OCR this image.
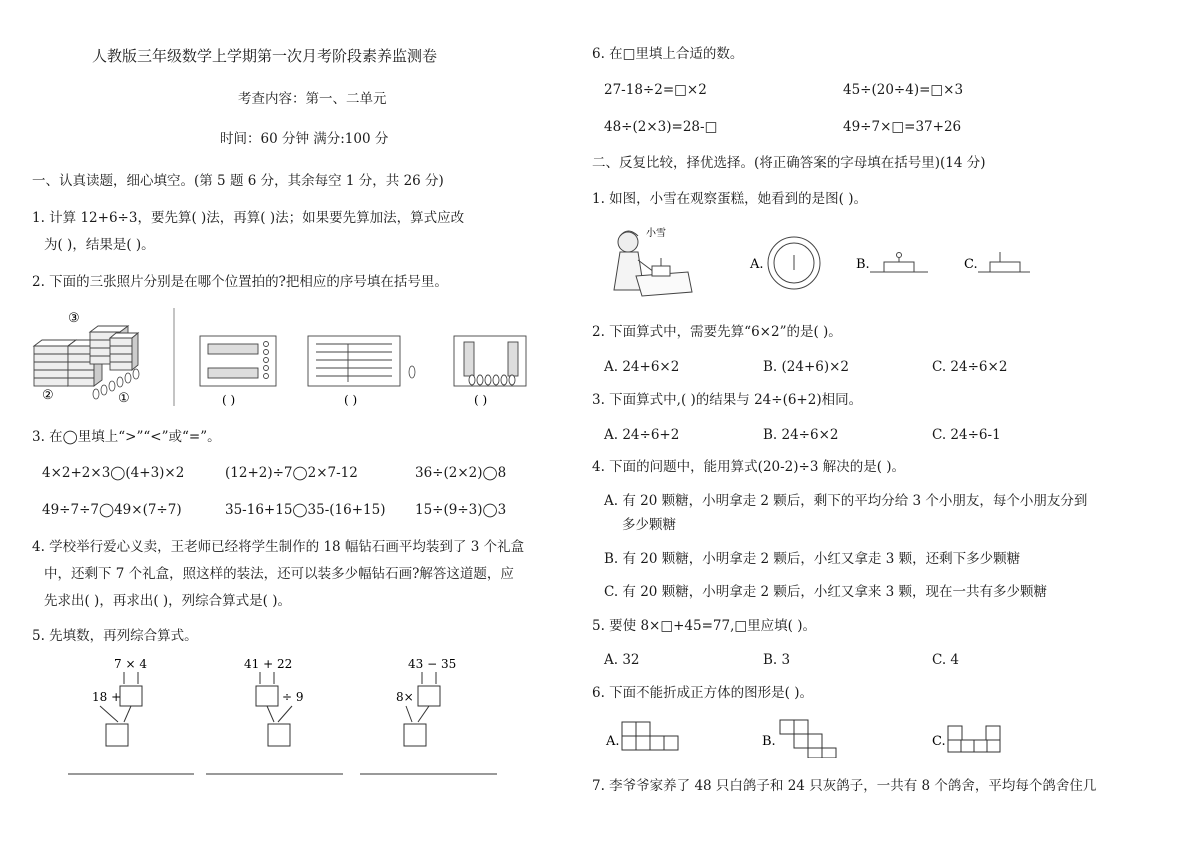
人教版三年级数学上学期第一次月考阶段素养监测卷
考查内容：第一、二单元
时间：60 分钟 满分:100 分
一、认真读题，细心填空。(第 5 题 6 分，其余每空 1 分，共 26 分)
1. 计算 12+6÷3，要先算( )法，再算( )法；如果要先算加法，算式应改
为( )，结果是( )。
2. 下面的三张照片分别是在哪个位置拍的?把相应的序号填在括号里。
③
②	①	( )	( )	( )
3. 在◯里填上“>”“<”或“=”。
4×2+2×3◯(4+3)×2	(12+2)÷7◯2×7-12	36÷(2×2)◯8
49÷7÷7◯49×(7÷7)	35-16+15◯35-(16+15) 15÷(9÷3)◯3
4. 学校举行爱心义卖，王老师已经将学生制作的 18 幅钻石画平均装到了 3 个礼盒
中，还剩下 7 个礼盒，照这样的装法，还可以装多少幅钻石画?解答这道题，应
先求出( )，再求出( )，列综合算式是( )。
5. 先填数，再列综合算式。
7 × 4
18 +
41 + 22
÷ 9
43 − 35
8×
6. 在□里填上合适的数。
27-18÷2=□×2	45÷(20÷4)=□×3
48÷(2×3)=28-□	49÷7×□=37+26
二、反复比较，择优选择。(将正确答案的字母填在括号里)(14 分)
1. 如图，小雪在观察蛋糕，她看到的是图( )。
小雪
A.	B.	C.
2. 下面算式中，需要先算“6×2”的是( )。
A. 24+6×2	B. (24+6)×2	C. 24÷6×2
3. 下面算式中,( )的结果与 24÷(6+2)相同。
A. 24÷6+2	B. 24÷6×2	C. 24÷6-1
4. 下面的问题中，能用算式(20-2)÷3 解决的是( )。
A. 有 20 颗糖，小明拿走 2 颗后，剩下的平均分给 3 个小朋友，每个小朋友分到
多少颗糖
B. 有 20 颗糖，小明拿走 2 颗后，小红又拿走 3 颗，还剩下多少颗糖
C. 有 20 颗糖，小明拿走 2 颗后，小红又拿来 3 颗，现在一共有多少颗糖
5. 要使 8×□+45=77,□里应填( )。
A. 32	B. 3	C. 4
6. 下面不能折成正方体的图形是( )。
A.	B.	C.
7. 李爷爷家养了 48 只白鸽子和 24 只灰鸽子，一共有 8 个鸽舍，平均每个鸽舍住几
